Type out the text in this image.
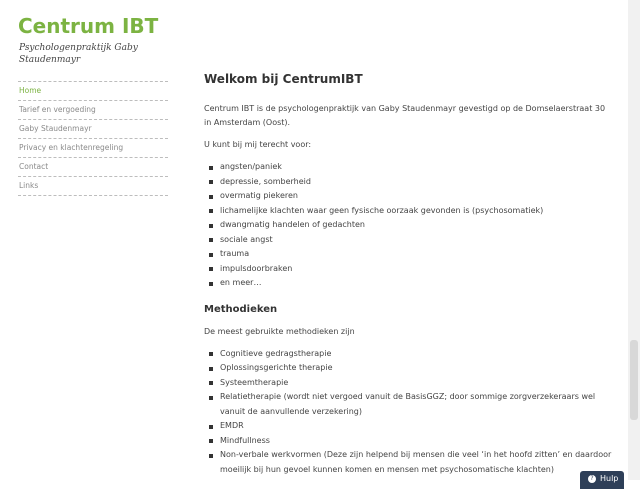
Centrum IBT
Psychologenpraktijk Gaby Staudenmayr
Home
Tarief en vergoeding
Gaby Staudenmayr
Privacy en klachtenregeling
Contact
Links
Welkom bij CentrumIBT

Centrum IBT is de psychologenpraktijk van Gaby Staudenmayr gevestigd op de Domselaerstraat 30 in Amsterdam (Oost).

U kunt bij mij terecht voor:

angsten/paniek
depressie, somberheid
overmatig piekeren
lichamelijke klachten waar geen fysische oorzaak gevonden is (psychosomatiek)
dwangmatig handelen of gedachten
sociale angst
trauma
impulsdoorbraken
en meer…
Methodieken

De meest gebruikte methodieken zijn

Cognitieve gedragstherapie
Oplossingsgerichte therapie
Systeemtherapie
Relatietherapie (wordt niet vergoed vanuit de BasisGGZ; door sommige zorgverzekeraars wel vanuit de aanvullende verzekering)
EMDR
Mindfullness
Non-verbale werkvormen (Deze zijn helpend bij mensen die veel ‘in het hoofd zitten’ en daardoor moeilijk bij hun gevoel kunnen komen en mensen met psychosomatische klachten)
? Hulp
